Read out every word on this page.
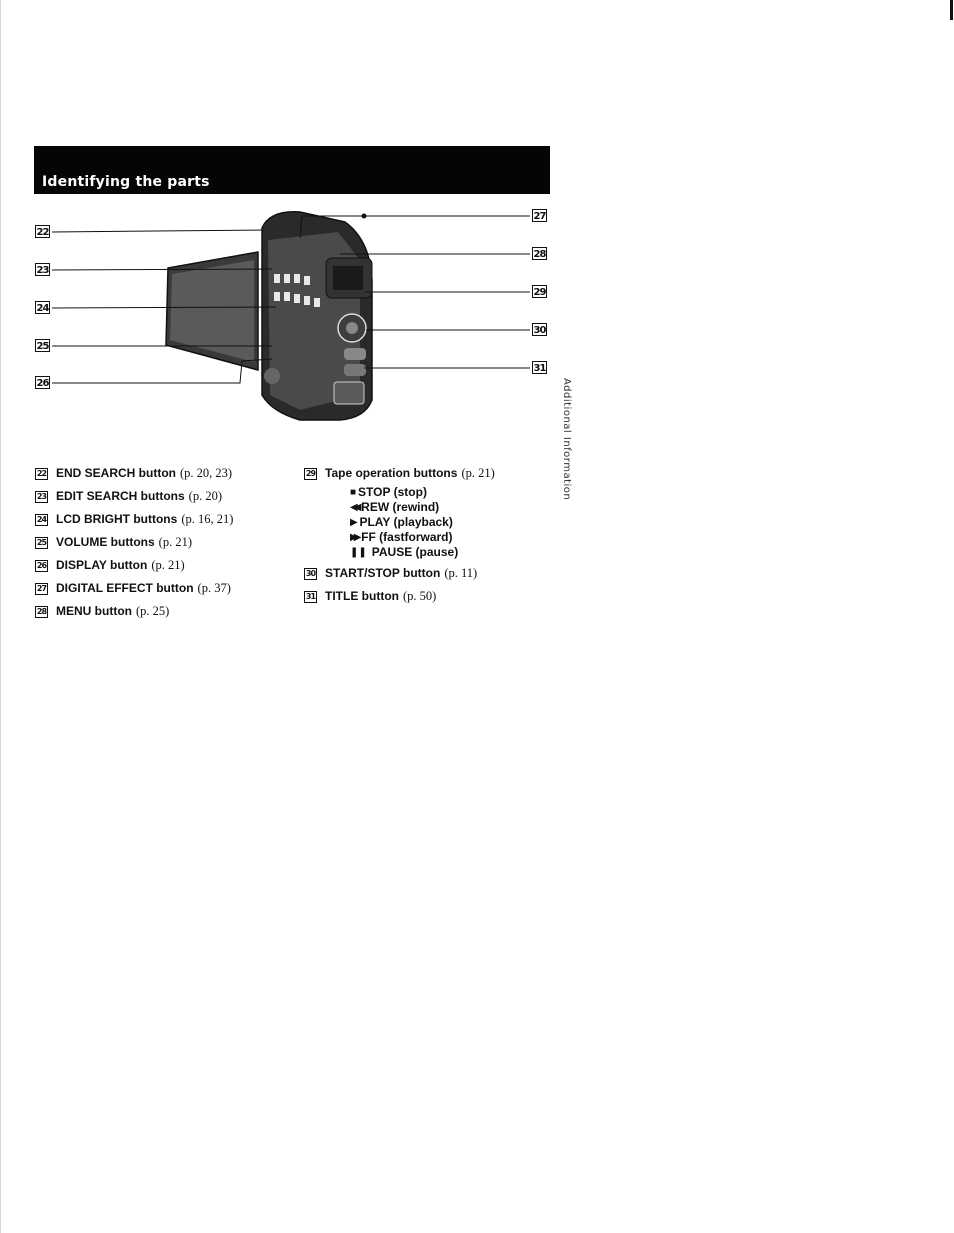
Identifying the parts
22
23
24
25
26
27
28
29
30
31
Additional Information
22 END SEARCH button (p. 20, 23)
23 EDIT SEARCH buttons (p. 20)
24 LCD BRIGHT buttons (p. 16, 21)
25 VOLUME buttons (p. 21)
26 DISPLAY button (p. 21)
27 DIGITAL EFFECT button (p. 37)
28 MENU button (p. 25)
29 Tape operation buttons (p. 21)
■ STOP (stop)
◀◀ REW (rewind)
▶ PLAY (playback)
▶▶ FF (fastforward)
❚❚ PAUSE (pause)
30 START/STOP button (p. 11)
31 TITLE button (p. 50)
